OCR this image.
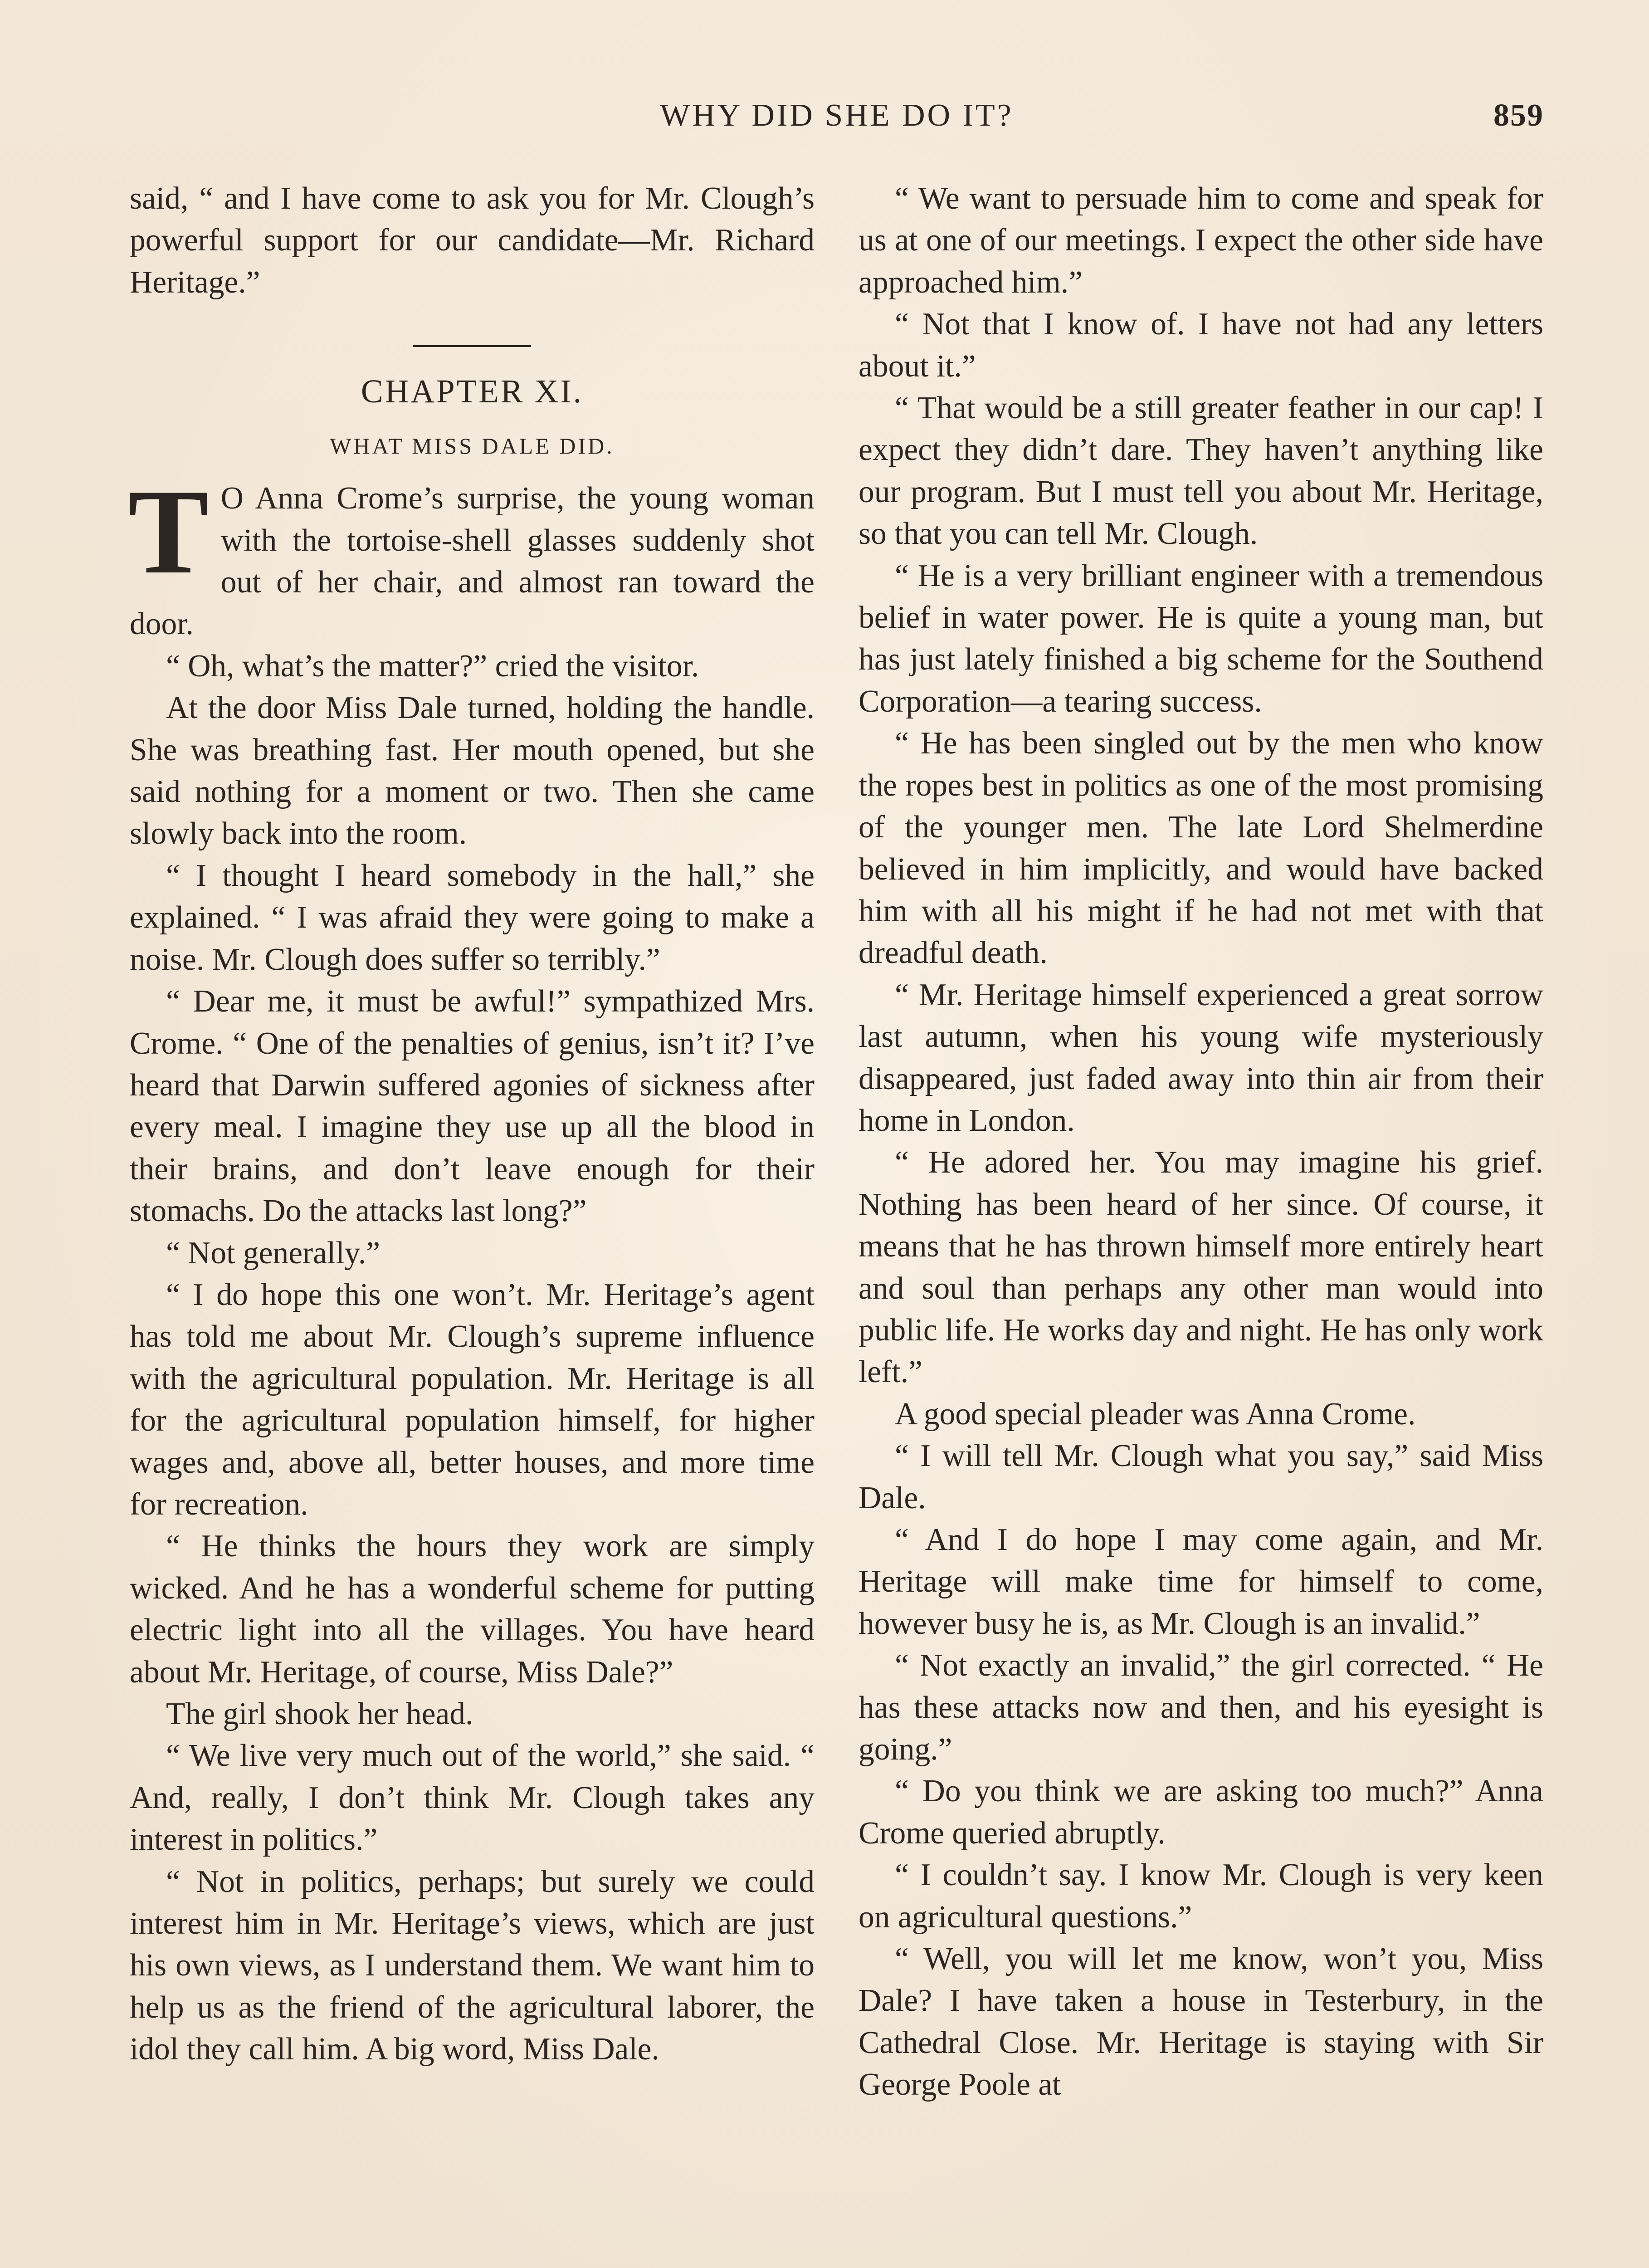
WHY DID SHE DO IT?	859

said, “ and I have come to ask you for Mr. Clough’s powerful support for our candidate—Mr. Richard Heritage.”

CHAPTER XI.
WHAT MISS DALE DID.

T O Anna Crome’s surprise, the young woman with the tortoise-shell glasses suddenly shot out of her chair, and almost ran toward the door.

“ Oh, what’s the matter?” cried the visitor.

At the door Miss Dale turned, holding the handle. She was breathing fast. Her mouth opened, but she said nothing for a moment or two. Then she came slowly back into the room.

“ I thought I heard somebody in the hall,” she explained. “ I was afraid they were going to make a noise. Mr. Clough does suffer so terribly.”

“ Dear me, it must be awful!” sympathized Mrs. Crome. “ One of the penalties of genius, isn’t it? I’ve heard that Darwin suffered agonies of sickness after every meal. I imagine they use up all the blood in their brains, and don’t leave enough for their stomachs. Do the attacks last long?”

“ Not generally.”

“ I do hope this one won’t. Mr. Heritage’s agent has told me about Mr. Clough’s supreme influence with the agricultural population. Mr. Heritage is all for the agricultural population himself, for higher wages and, above all, better houses, and more time for recreation.

“ He thinks the hours they work are simply wicked. And he has a wonderful scheme for putting electric light into all the villages. You have heard about Mr. Heritage, of course, Miss Dale?”

The girl shook her head.

“ We live very much out of the world,” she said. “ And, really, I don’t think Mr. Clough takes any interest in politics.”

“ Not in politics, perhaps; but surely we could interest him in Mr. Heritage’s views, which are just his own views, as I understand them. We want him to help us as the friend of the agricultural laborer, the idol they call him. A big word, Miss Dale.

“ We want to persuade him to come and speak for us at one of our meetings. I expect the other side have approached him.”

“ Not that I know of. I have not had any letters about it.”

“ That would be a still greater feather in our cap! I expect they didn’t dare. They haven’t anything like our program. But I must tell you about Mr. Heritage, so that you can tell Mr. Clough.

“ He is a very brilliant engineer with a tremendous belief in water power. He is quite a young man, but has just lately finished a big scheme for the Southend Corporation—a tearing success.

“ He has been singled out by the men who know the ropes best in politics as one of the most promising of the younger men. The late Lord Shelmerdine believed in him implicitly, and would have backed him with all his might if he had not met with that dreadful death.

“ Mr. Heritage himself experienced a great sorrow last autumn, when his young wife mysteriously disappeared, just faded away into thin air from their home in London.

“ He adored her. You may imagine his grief. Nothing has been heard of her since. Of course, it means that he has thrown himself more entirely heart and soul than perhaps any other man would into public life. He works day and night. He has only work left.”

A good special pleader was Anna Crome.

“ I will tell Mr. Clough what you say,” said Miss Dale.

“ And I do hope I may come again, and Mr. Heritage will make time for himself to come, however busy he is, as Mr. Clough is an invalid.”

“ Not exactly an invalid,” the girl corrected. “ He has these attacks now and then, and his eyesight is going.”

“ Do you think we are asking too much?” Anna Crome queried abruptly.

“ I couldn’t say. I know Mr. Clough is very keen on agricultural questions.”

“ Well, you will let me know, won’t you, Miss Dale? I have taken a house in Testerbury, in the Cathedral Close. Mr. Heritage is staying with Sir George Poole at
